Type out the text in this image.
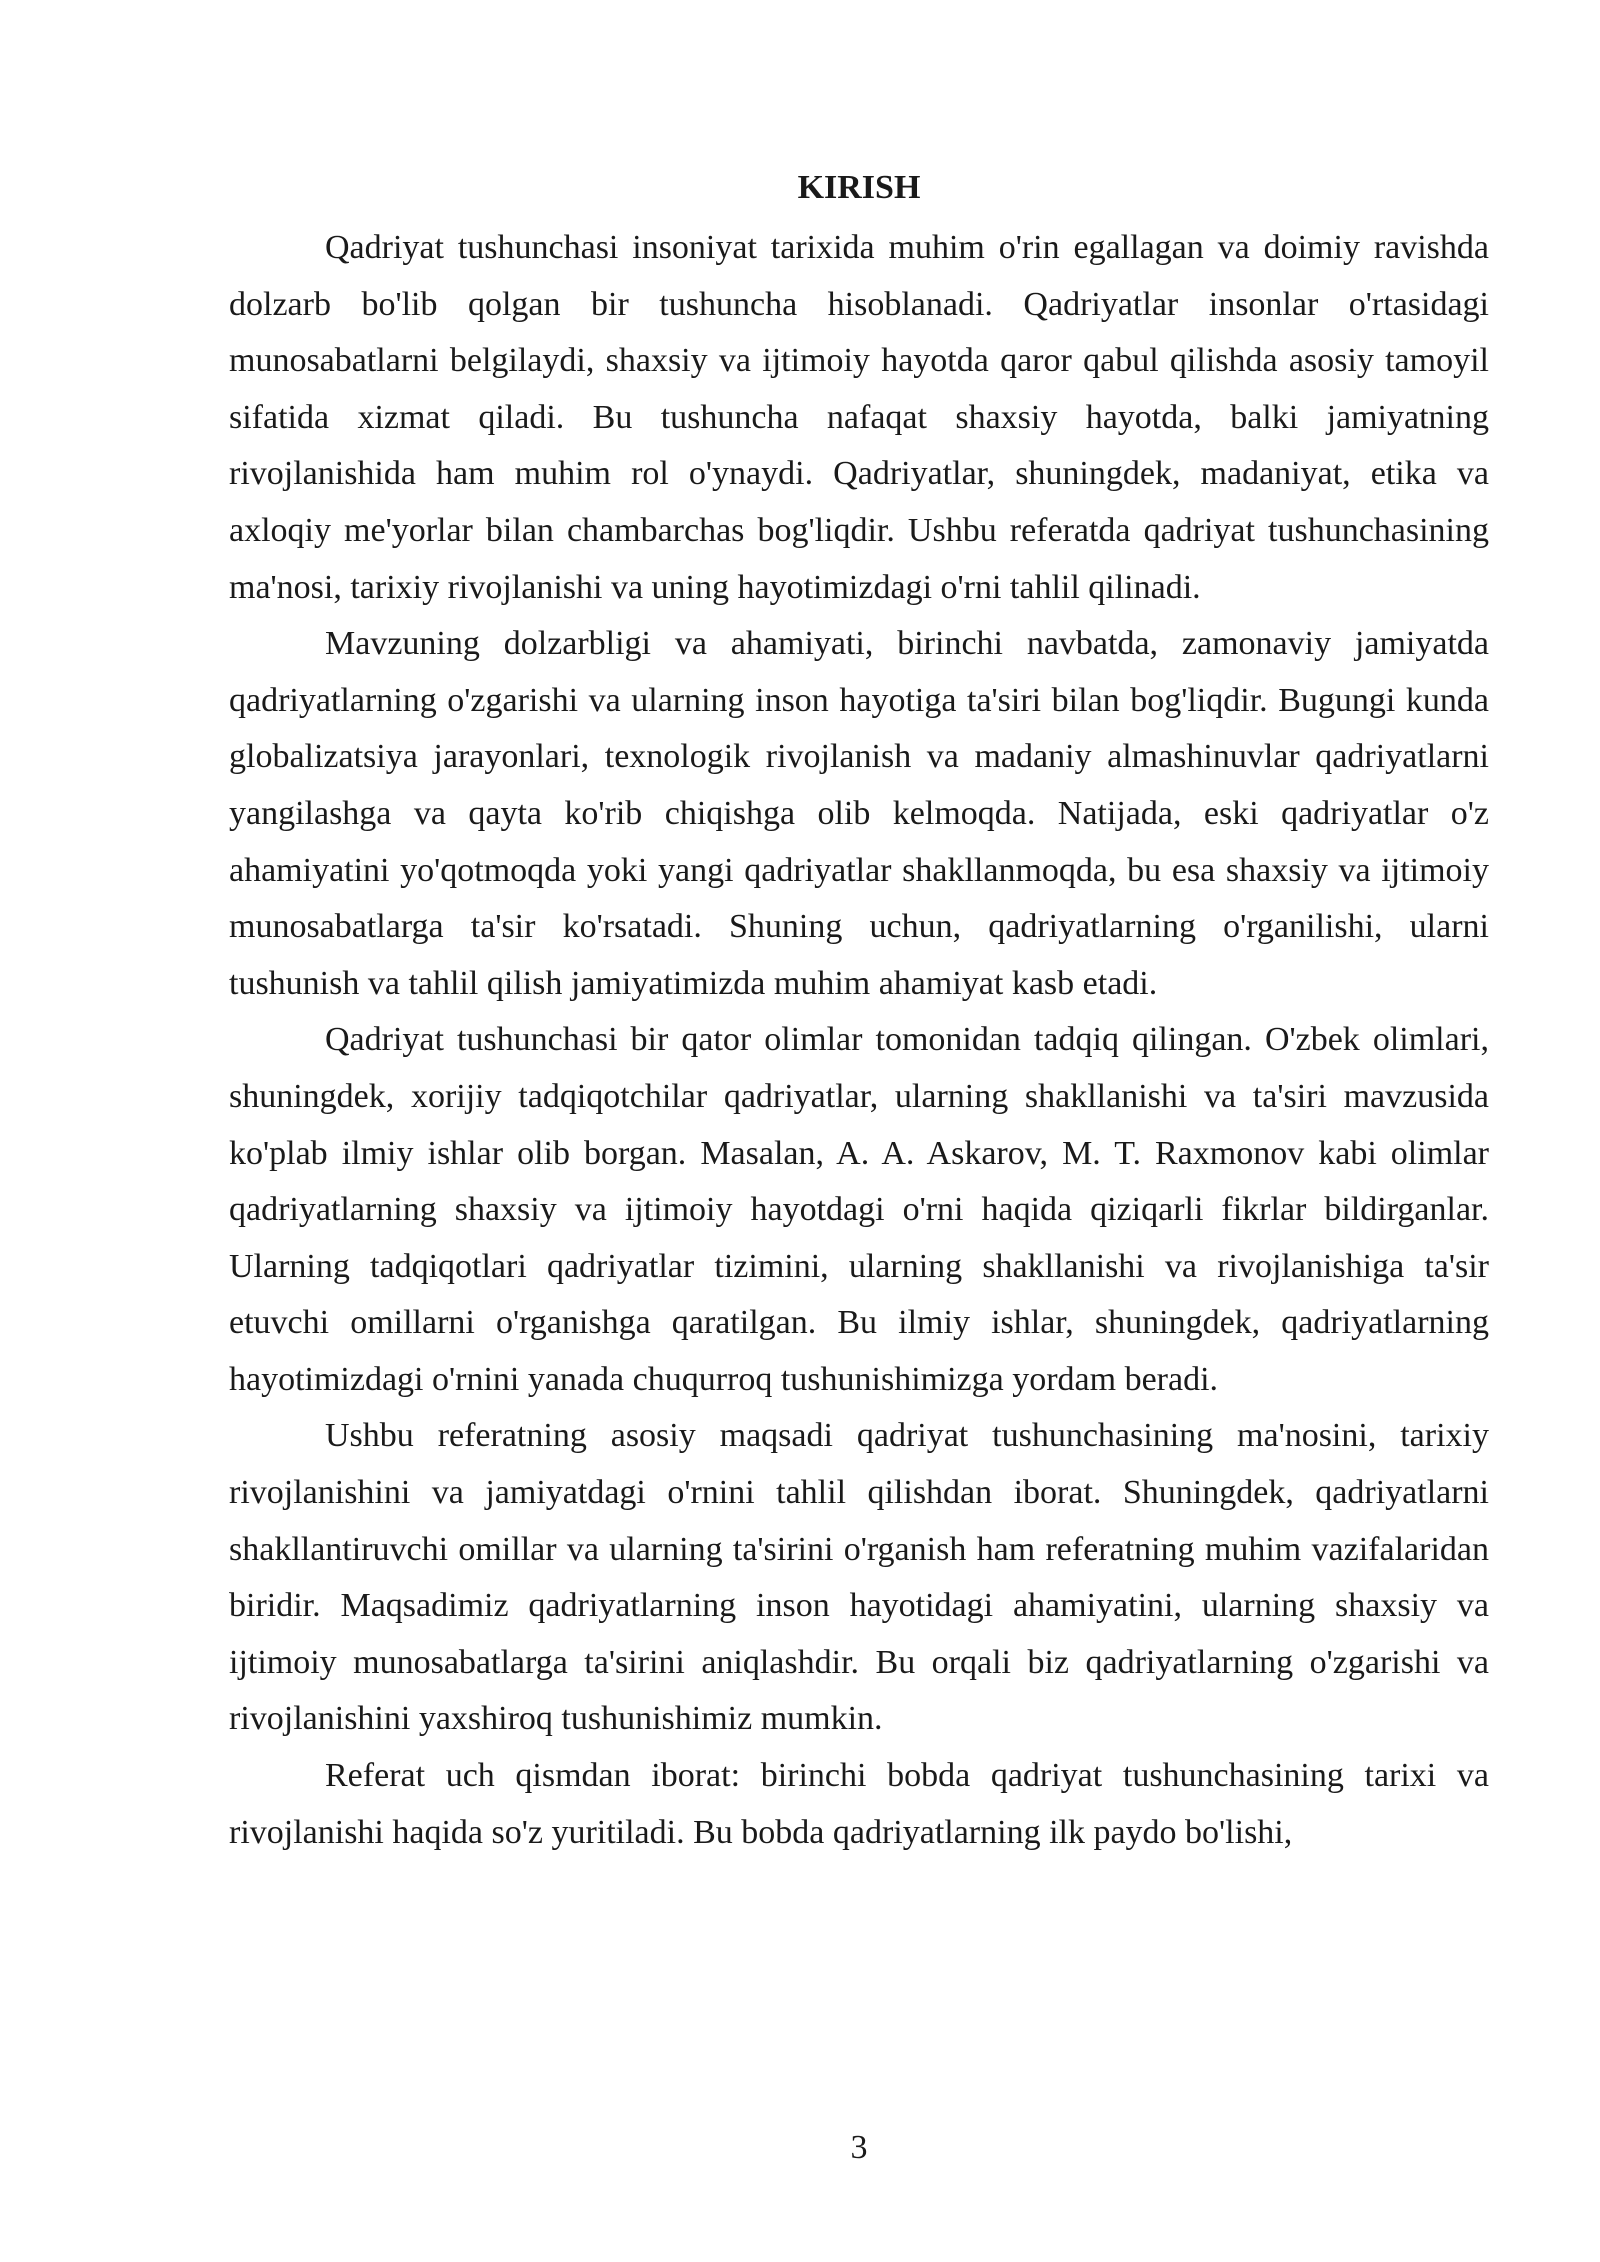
KIRISH

Qadriyat tushunchasi insoniyat tarixida muhim o'rin egallagan va doimiy ravishda dolzarb bo'lib qolgan bir tushuncha hisoblanadi. Qadriyatlar insonlar o'rtasidagi munosabatlarni belgilaydi, shaxsiy va ijtimoiy hayotda qaror qabul qilishda asosiy tamoyil sifatida xizmat qiladi. Bu tushuncha nafaqat shaxsiy hayotda, balki jamiyatning rivojlanishida ham muhim rol o'ynaydi. Qadriyatlar, shuningdek, madaniyat, etika va axloqiy me'yorlar bilan chambarchas bog'liqdir. Ushbu referatda qadriyat tushunchasining ma'nosi, tarixiy rivojlanishi va uning hayotimizdagi o'rni tahlil qilinadi.

Mavzuning dolzarbligi va ahamiyati, birinchi navbatda, zamonaviy jamiyatda qadriyatlarning o'zgarishi va ularning inson hayotiga ta'siri bilan bog'liqdir. Bugungi kunda globalizatsiya jarayonlari, texnologik rivojlanish va madaniy almashinuvlar qadriyatlarni yangilashga va qayta ko'rib chiqishga olib kelmoqda. Natijada, eski qadriyatlar o'z ahamiyatini yo'qotmoqda yoki yangi qadriyatlar shakllanmoqda, bu esa shaxsiy va ijtimoiy munosabatlarga ta'sir ko'rsatadi. Shuning uchun, qadriyatlarning o'rganilishi, ularni tushunish va tahlil qilish jamiyatimizda muhim ahamiyat kasb etadi.

Qadriyat tushunchasi bir qator olimlar tomonidan tadqiq qilingan. O'zbek olimlari, shuningdek, xorijiy tadqiqotchilar qadriyatlar, ularning shakllanishi va ta'siri mavzusida ko'plab ilmiy ishlar olib borgan. Masalan, A. A. Askarov, M. T. Raxmonov kabi olimlar qadriyatlarning shaxsiy va ijtimoiy hayotdagi o'rni haqida qiziqarli fikrlar bildirganlar. Ularning tadqiqotlari qadriyatlar tizimini, ularning shakllanishi va rivojlanishiga ta'sir etuvchi omillarni o'rganishga qaratilgan. Bu ilmiy ishlar, shuningdek, qadriyatlarning hayotimizdagi o'rnini yanada chuqurroq tushunishimizga yordam beradi.

Ushbu referatning asosiy maqsadi qadriyat tushunchasining ma'nosini, tarixiy rivojlanishini va jamiyatdagi o'rnini tahlil qilishdan iborat. Shuningdek, qadriyatlarni shakllantiruvchi omillar va ularning ta'sirini o'rganish ham referatning muhim vazifalaridan biridir. Maqsadimiz qadriyatlarning inson hayotidagi ahamiyatini, ularning shaxsiy va ijtimoiy munosabatlarga ta'sirini aniqlashdir. Bu orqali biz qadriyatlarning o'zgarishi va rivojlanishini yaxshiroq tushunishimiz mumkin.

Referat uch qismdan iborat: birinchi bobda qadriyat tushunchasining tarixi va rivojlanishi haqida so'z yuritiladi. Bu bobda qadriyatlarning ilk paydo bo'lishi,

3
